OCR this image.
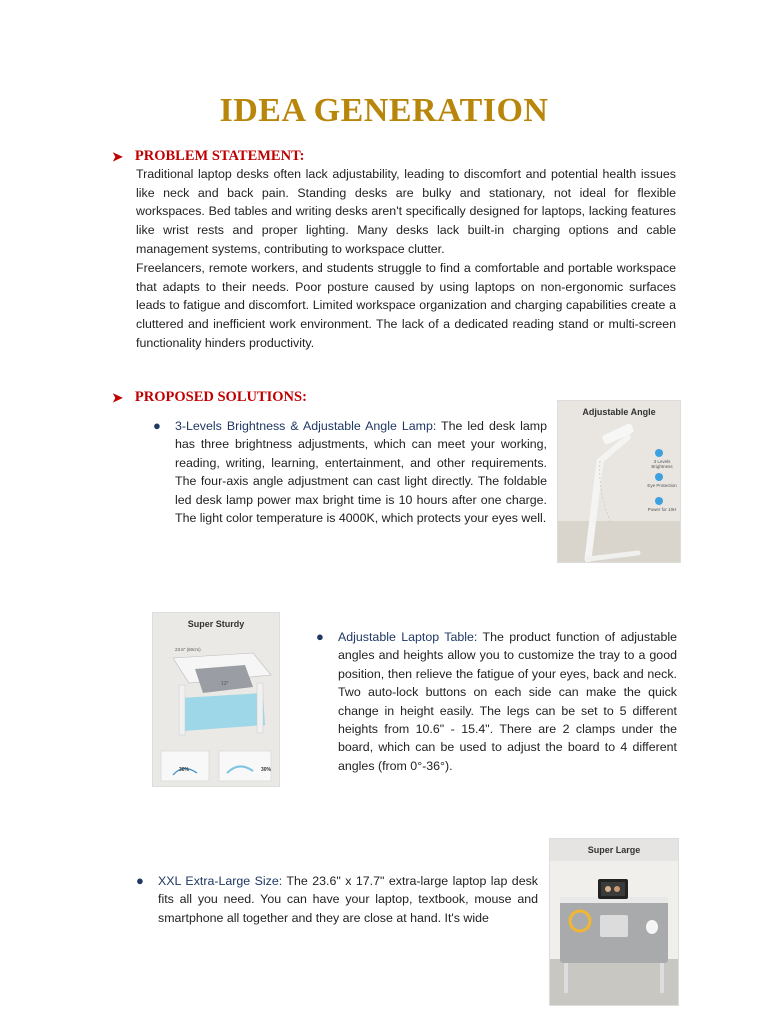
IDEA GENERATION
➤ PROBLEM STATEMENT:

Traditional laptop desks often lack adjustability, leading to discomfort and potential health issues like neck and back pain. Standing desks are bulky and stationary, not ideal for flexible workspaces. Bed tables and writing desks aren't specifically designed for laptops, lacking features like wrist rests and proper lighting. Many desks lack built-in charging options and cable management systems, contributing to workspace clutter.

Freelancers, remote workers, and students struggle to find a comfortable and portable workspace that adapts to their needs. Poor posture caused by using laptops on non-ergonomic surfaces leads to fatigue and discomfort. Limited workspace organization and charging capabilities create a cluttered and inefficient work environment. The lack of a dedicated reading stand or multi-screen functionality hinders productivity.

➤ PROPOSED SOLUTIONS:
● 3-Levels Brightness & Adjustable Angle Lamp: The led desk lamp has three brightness adjustments, which can meet your working, reading, writing, learning, entertainment, and other requirements. The four-axis angle adjustment can cast light directly. The foldable led desk lamp power max bright time is 10 hours after one charge. The light color temperature is 4000K, which protects your eyes well.
● Adjustable Laptop Table: The product function of adjustable angles and heights allow you to customize the tray to a good position, then relieve the fatigue of your eyes, back and neck. Two auto-lock buttons on each side can make the quick change in height easily. The legs can be set to 5 different heights from 10.6" - 15.4". There are 2 clamps under the board, which can be used to adjust the board to 4 different angles (from 0°-36°).
● XXL Extra-Large Size: The 23.6" x 17.7" extra-large laptop lap desk fits all you need. You can have your laptop, textbook, mouse and smartphone all together and they are close at hand. It's wide
Adjustable Angle
3 Levels Brightness
Eye Protection
Power for 10H
Super Sturdy
23.6" (60cm)
13°
30%	30%
Super Large
